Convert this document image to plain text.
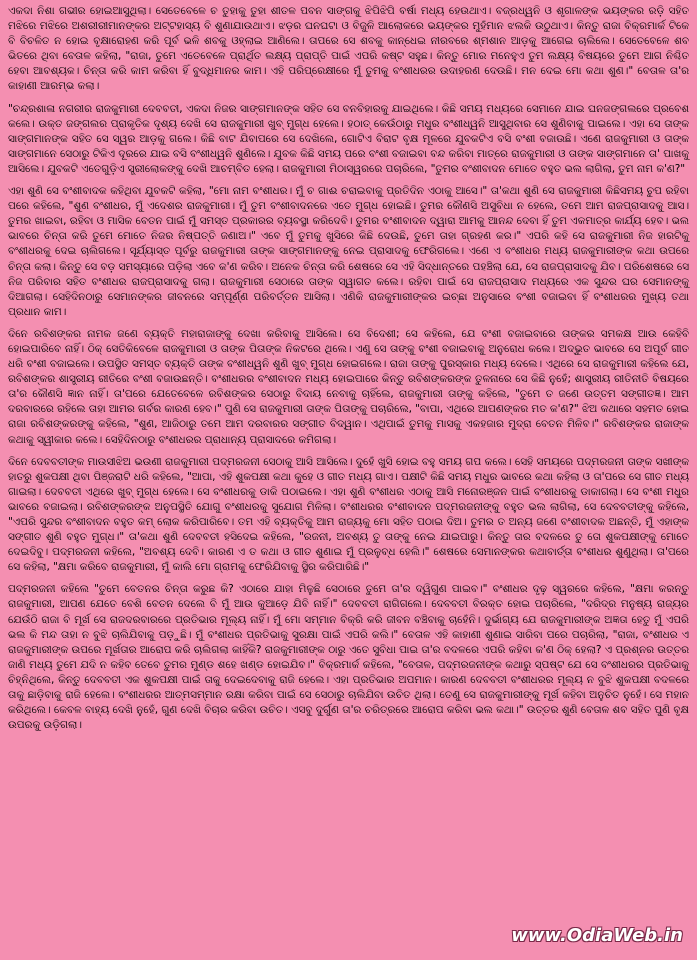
ଏକଦା ନିଶା ଗଭୀର ହୋଇଆସୁଥିଲା। ସେତେବେଳେ ଚ ତୁହାକୁ ତୁହା ଶୀତଳ ପବନ ସାଙ୍ଗକୁ ଝିପିଝିପି ବର୍ଷା ମଧ୍ୟ ହେଉଥାଏ। ବଜ୍ରଧ୍ୱନି ଓ ଶୃଗାଳଙ୍କ ଭୟଙ୍କର ରଡ଼ି ସହିତ ମଝିରେ ମଝିରେ ଅଶରୀରୀମାନଙ୍କର ଅଟ୍ଟହାସ୍ୟ ବି ଶୁଣାଯାଉଥାଏ। ଝଡ଼ର ଘନଘଟା ଓ ବିଜୁଳି ଆଲୋକରେ ଭୟଙ୍କର ମୁହଁମାନ ଝଲକି ଉଠୁଥାଏ। କିନ୍ତୁ ରାଜା ବିକ୍ରମାର୍କ ଟିକେ ବି ବିଚଳିତ ନ ହୋଇ ବୃକ୍ଷାରୋହଣ କରି ପୂର୍ବ ଭଳି ଶବକୁ ଓହ୍ଲାଇ ଆଣିଲେ। ତାପରେ ସେ ଶବକୁ କାନ୍ଧେଇ ନୀରବରେ ଶ୍ମଶାନ ଆଡ଼କୁ ଆଗେଇ ଚାଲିଲେ। ସେତେବେଳେ ଶବ ଭିତରେ ଥିବା ବେତାଳ କହିଲା, "ରାଜା, ତୁମେ ଏତେବେଳେ ପ୍ରାର୍ଥିତ ଲକ୍ଷ୍ୟ ପ୍ରାପ୍ତି ପାଇଁ ଏପରି କଷ୍ଟ ସହୁଛ। କିନ୍ତୁ ମୋର ମନେହୁଏ ତୁମ ଲକ୍ଷ୍ୟ ବିଷୟରେ ତୁମେ ଆଗ ନିଶ୍ଚିତ ହେବା ଆବଶ୍ୟକ। ଚିନ୍ତା କରି କାମ କରିବା ହିଁ ବୁଦ୍ଧିମାନର କାମ। ଏହି ପରିପ୍ରେକ୍ଷୀରେ ମୁଁ ତୁମକୁ ବଂଶୀଧରର ଉଦାହରଣ ଦେଉଛି। ମନ ଦେଇ ମୋ କଥା ଶୁଣ।" ବେତାଳ ତା'ର କାହାଣୀ ଆରମ୍ଭ କଲା।

"ଚନ୍ଦ୍ରଶାଳା ନଗରୀର ରାଜକୁମାରୀ ଦେବବତୀ, ଏକଦା ନିଜର ସାଙ୍ଗମାନଙ୍କ ସହିତ ସେ ବନବିହାରକୁ ଯାଇଥିଲେ। କିଛି ସମୟ ମଧ୍ୟରେ ସେମାନେ ଯାଇ ଘନଜଙ୍ଗଲରେ ପ୍ରବେଶ କଲେ। ଉକ୍ତ ଜଙ୍ଗଲର ପ୍ରାକୃତିକ ଦୃଶ୍ୟ ଦେଖି ସେ ରାଜକୁମାରୀ ଖୁବ୍ ମୁଗ୍ଧ ହେଲେ। ହଠାତ୍ କେଉଁଠାରୁ ମଧୁର ବଂଶୀଧ୍ୱନି ଆସୁଥିବାର ସେ ଶୁଣିବାକୁ ପାଇଲେ। ଏହା ସେ ତାଙ୍କ ସାଙ୍ଗମାନଙ୍କ ସହିତ ସେ ସ୍ୱର ଆଡ଼କୁ ଗଲେ। କିଛି ବାଟ ଯିବାପରେ ସେ ଦେଖିଲେ, ଗୋଟିଏ ବିରାଟ ବୃକ୍ଷ ମୂଳରେ ଯୁବକଟିଏ ବସି ବଂଶୀ ବଜାଉଛି। ଏଣେ ରାଜକୁମାରୀ ଓ ତାଙ୍କ ସାଙ୍ଗମାନେ ସେଠାରୁ ଟିକିଏ ଦୂରରେ ଯାଇ ବସି ବଂଶୀଧ୍ୱନି ଶୁଣିଲେ। ଯୁବକ କିଛି ସମୟ ପରେ ବଂଶୀ ବଜାଇବା ବନ୍ଦ କରିବା ମାତ୍ରେ ରାଜକୁମାରୀ ଓ ତାଙ୍କ ସାଙ୍ଗମାନେ ତା' ପାଖକୁ ଆସିଲେ। ଯୁବକଟି ଏତେଗୁଡ଼ିଏ ସ୍ତ୍ରୀଲୋକଙ୍କୁ ଦେଖି ଆଚମ୍ବିତ ହେଲା। ରାଜକୁମାରୀ ମିଠାସ୍ୱରରେ ପଚାରିଲେ, "ତୁମର ବଂଶୀବାଦନ ମୋତେ ବହୁତ ଭଲ ଲାଗିଲା, ତୁମ ନାମ କ'ଣ?"

ଏହା ଶୁଣି ସେ ବଂଶୀବାଦକ କହିଥିବା ଯୁବକଟି କହିଲା, "ମୋ ନାମ ବଂଶୀଧର। ମୁଁ ଚ ଗାଈ ଚରାଇବାକୁ ପ୍ରତିଦିନ ଏଠାକୁ ଆସେ।" ତା'କଥା ଶୁଣି ସେ ରାଜକୁମାରୀ କିଛିସମୟ ଚୁପ ରହିବା ପରେ କହିଲେ, "ଶୁଣ ବଂଶୀଧର, ମୁଁ ଏଦେଶର ରାଜକୁମାରୀ। ମୁଁ ତୁମ ବଂଶୀବାଦନରେ ଏତେ ମୁଗ୍ଧ ହୋଇଛି। ତୁମର କୌଣସି ଅସୁବିଧା ନ ହେଲେ, ତମେ ଆମ ରାଜପ୍ରାସାଦକୁ ଆସ। ତୁମର ଖାଇବା, ରହିବା ଓ ମାସିକ ବେତନ ପାଇଁ ମୁଁ ସମସ୍ତ ପ୍ରକାରର ବ୍ୟବସ୍ଥା କରିଦେବି। ତୁମର ବଂଶୀବାଦନ ଦ୍ୱାରା ଆମକୁ ଆନନ୍ଦ ଦେବା ହିଁ ତୁମ ଏକମାତ୍ର କାର୍ଯ୍ୟ ହେବ। ଭଲ ଭାବରେ ଚିନ୍ତା କରି ତୁମେ ମୋତେ ନିଜର ନିଷ୍ପତ୍ତି ଜଣାଅ।" ଏବେ ମୁଁ ତୁମକୁ ଖୁସିରେ କିଛି ଦେଉଛି, ତୁମେ ତାହା ଗ୍ରହଣ କର।" ଏପରି କହି ସେ ରାଜକୁମାରୀ ନିଜ ହାରଟିକୁ ବଂଶୀଧରକୁ ଦେଇ ଚାଲିଗଲେ। ସୂର୍ଯ୍ୟାସ୍ତ ପୂର୍ବରୁ ରାଜକୁମାରୀ ତାଙ୍କ ସାଙ୍ଗମାନଙ୍କୁ ନେଇ ପ୍ରାସାଦକୁ ଫେରିଗଲେ। ଏଣେ ଏ ବଂଶୀଧର ମଧ୍ୟ ରାଜକୁମାରୀଙ୍କ କଥା ଉପରେ ଚିନ୍ତା କଲା। କିନ୍ତୁ ସେ ବଡ଼ ସମସ୍ୟାରେ ପଡ଼ିଲା ଏବେ କ'ଣ କରିବ। ଅନେକ ଚିନ୍ତା କରି ଶେଷରେ ସେ ଏହି ସିଦ୍ଧାନ୍ତରେ ପହଞ୍ଚିଲା ଯେ, ସେ ରାଜପ୍ରାସାଦକୁ ଯିବ। ପରିଶେଷରେ ସେ ନିଜ ପରିବାର ସହିତ ବଂଶୀଧର ରାଜପ୍ରାସାଦକୁ ଗଲା। ରାଜକୁମାରୀ ସେଠାରେ ତାଙ୍କ ସ୍ୱାଗତ କଲେ। ରହିବା ପାଇଁ ସେ ରାଜପ୍ରାସାଦ ମଧ୍ୟରେ ଏକ ସୁନ୍ଦର ଘର ସେମାନଙ୍କୁ ଦିଆଗଲା। ସେହିଦିନଠାରୁ ସେମାନଙ୍କର ଜୀବନରେ ସମ୍ପୂର୍ଣ୍ଣ ପରିବର୍ତ୍ତନ ଆସିଲା। ଏଣିକି ରାଜକୁମାରୀଙ୍କର ଇଚ୍ଛା ଅନୁସାରେ ବଂଶୀ ବଜାଇବା ହିଁ ବଂଶୀଧରର ମୁଖ୍ୟ ତଥା ପ୍ରଧାନ କାମ।

ଦିନେ ରବିଶଙ୍କର ନାମକ ଜଣେ ବ୍ୟକ୍ତି ମହାରାଜାଙ୍କୁ ଦେଖା କରିବାକୁ ଆସିଲେ। ସେ ବିଦେଶୀ; ସେ କହିଲେ, ଯେ ବଂଶୀ ବଜାଇବାରେ ତାଙ୍କର ସମକକ୍ଷ ଆଉ କେହିବି ହୋଇପାରିବେ ନାହିଁ। ଠିକ୍ ସେତିକିବେଳେ ରାଜକୁମାରୀ ଓ ତାଙ୍କ ପିତାଙ୍କ ନିକଟରେ ଥିଲେ। ଏଣୁ ସେ ତାଙ୍କୁ ବଂଶୀ ବଜାଇବାକୁ ଅନୁରୋଧ କଲେ। ଅଦ୍ଭୁତ ଭାବରେ ସେ ଅପୂର୍ବ ଗୀତ ଧରି ବଂଶୀ ବଜାଇଲେ। ଉପସ୍ଥିତ ସମସ୍ତ ବ୍ୟକ୍ତି ତାଙ୍କ ବଂଶୀଧ୍ୱନି ଶୁଣି ଖୁବ୍ ମୁଗ୍ଧ ହୋଇଗଲେ। ରାଜା ତାଙ୍କୁ ପୁରସ୍କାର ମଧ୍ୟ ଦେଲେ। ଏଥିରେ ସେ ରାଜକୁମାରୀ କହିଲେ ଯେ, ରବିଶଙ୍କର ଶାସ୍ତ୍ରୀୟ ରୀତିରେ ବଂଶୀ ବଜାଉଛନ୍ତି। ବଂଶୀଧରର ବଂଶୀବାଦନ ମଧ୍ୟ ହୋଇପାରେ କିନ୍ତୁ ରବିଶଙ୍କରଙ୍କ ତୁଳନାରେ ସେ କିଛି ନୁହେଁ; ଶାସ୍ତ୍ରୀୟ ରୀତିନୀତି ବିଷୟରେ ତା'ର କୌଣସି ଜ୍ଞାନ ନାହିଁ। ତା'ପରେ ଯେତେବେଳେ ରବିଶଙ୍କର ସେଠାରୁ ବିଦାୟ ନେବାକୁ ଚାହିଁଲେ, ରାଜକୁମାରୀ ତାଙ୍କୁ କହିଲେ, "ତୁମେ ତ ଜଣେ ଉତ୍ତମ ସଙ୍ଗୀତଜ୍ଞ। ଆମ ଦରବାରରେ ରହିଲେ ତାହା ଆମର ଗର୍ବର କାରଣ ହେବ।" ପୁଣି ସେ ରାଜକୁମାରୀ ତାଙ୍କ ପିତାଙ୍କୁ ପଚାରିଲେ, "ବାପା, ଏଥିରେ ଆପଣଙ୍କର ମତ କ'ଣ?" ଝିଅ କଥାରେ ସହମତ ହୋଇ ରାଜା ରବିଶଙ୍କରଙ୍କୁ କହିଲେ, "ଶୁଣ, ଆଜିଠାରୁ ତମେ ଆମ ଦରବାରର ସଙ୍ଗୀତ ବିଦ୍ୱାନ। ଏଥିପାଇଁ ତୁମକୁ ମାସକୁ ଏକହଜାର ମୁଦ୍ରା ବେତନ ମିଳିବ।" ରବିଶଙ୍କର ରାଜାଙ୍କ କଥାକୁ ସ୍ୱୀକାର କଲେ। ସେହିଦିନଠାରୁ ବଂଶୀଧରର ପ୍ରାଧାନ୍ୟ ପ୍ରାସାଦରେ କମିଗଲା।

ଦିନେ ଦେବବତୀଙ୍କ ମାଉସୀଝିଅ ଭଉଣୀ ରାଜକୁମାରୀ ପଦ୍ମରଜନୀ ସେଠାକୁ ଆସି ଆସିଲେ। ଦୁହେଁ ଖୁସି ହୋଇ ବହୁ ସମୟ ଗପ କଲେ। ସେହି ସମୟରେ ପଦ୍ମରଜନୀ ତାଙ୍କ ସଖୀଙ୍କ ହାତରୁ ଶୁକପକ୍ଷୀ ଥିବା ପିଞ୍ଜରାଟି ଧରି କହିଲେ, "ଆପା, ଏହି ଶୁକପକ୍ଷୀ କଥା କୁହେ ଓ ଗୀତ ମଧ୍ୟ ଗାଏ। ପକ୍ଷୀଟି କିଛି ସମୟ ମଧୁର ଭାବରେ କଥା କହିଲା ଓ ତା'ପରେ ସେ ଗୀତ ମଧ୍ୟ ଗାଇଲା। ଦେବବତୀ ଏଥିରେ ଖୁବ୍ ମୁଗ୍ଧ ହେଲେ। ସେ ବଂଶୀଧରକୁ ଡାକି ପଠାଇଲେ। ଏହା ଶୁଣି ବଂଶୀଧର ଏଠାକୁ ଆସି ମନୋରଞ୍ଜନ ପାଇଁ ବଂଶୀଧରକୁ ଡାକାଗଲା। ସେ ବଂଶୀ ମଧୁର ଭାବରେ ବଜାଇଲା। ରବିଶଙ୍କରଙ୍କ ଅନୁପସ୍ଥିତି ଯୋଗୁ ବଂଶୀଧରକୁ ସୁଯୋଗ ମିଳିଲା। ବଂଶୀଧରର ବଂଶୀବାଦନ ପଦ୍ମରଜନୀଙ୍କୁ ବହୁତ ଭଲ ଲାଗିଲା, ସେ ଦେବବତୀଙ୍କୁ କହିଲେ, "ଏପରି ସୁନ୍ଦର ବଂଶୀବାଦନ ବହୁତ କମ୍ ଲୋକ କରିପାରିବେ। ତମ ଏହି ବ୍ୟକ୍ତିକୁ ଆମ ରାଜ୍ୟକୁ ମୋ ସହିତ ପଠାଇ ଦିଅ। ତୁମର ତ ଅନ୍ୟ ଜଣେ ବଂଶୀବାଦକ ଅଛନ୍ତି, ମୁଁ ଏହାଙ୍କ ସଙ୍ଗୀତ ଶୁଣି ବହୁତ ମୁଗ୍ଧ।" ତା'କଥା ଶୁଣି ଦେବବତୀ ହସିଦେଇ କହିଲେ, "ରଜନୀ, ଅବଶ୍ୟ ତୁ ତାଙ୍କୁ ନେଇ ଯାଇପାରୁ। କିନ୍ତୁ ତାର ବଦଳରେ ତୁ ତୋ ଶୁକପକ୍ଷୀଙ୍କୁ ମୋତେ ଦେଇଦିବୁ। ପଦ୍ମରଜନୀ କହିଲେ, "ଅବଶ୍ୟ ଦେବି। କାରଣ ଏ ତ କଥା ଓ ଗୀତ ଶୁଣାଇ ମୁଁ ପ୍ରଳୁବ୍ଧ ହେଲି।" ଶେଷରେ ସେମାନଙ୍କର କଥାବାର୍ତ୍ତା ବଂଶୀଧର ଶୁଣୁଥିଲା। ତା'ପରେ ସେ କହିଲା, "କ୍ଷମା କରିବେ ରାଜକୁମାରୀ, ମୁଁ କାଲି ମୋ ଗ୍ରାମକୁ ଫେରିଯିବାକୁ ସ୍ଥିର କରିପାରିଛି।"

ପଦ୍ମରଜନୀ କହିଲେ "ତୁମେ ବେତନର ଚିନ୍ତା କରୁଛ କି? ଏଠାରେ ଯାହା ମିଳୁଛି ସେଠାରେ ତୁମେ ତା'ର ଦ୍ୱିଗୁଣ ପାଇବ।" ବଂଶୀଧର ଦୃଢ଼ ସ୍ୱରରେ କହିଲେ, "କ୍ଷମା କରନ୍ତୁ ରାଜକୁମାରୀ, ଆପଣ ଯେତେ ବେଶି ବେତନ ଦେଲେ ବି ମୁଁ ଆଉ କୁଆଡ଼େ ଯିବି ନାହିଁ।" ଦେବବତୀ ରାଗିଗଲେ। ଦେବବତୀ ବିରକ୍ତ ହୋଇ ପଚାରିଲେ, "ଦରିଦ୍ର ମନୁଷ୍ୟ ରାଜ୍ୟର ଯେଉଁଠି ରାଜା ବି ମୂର୍ଖ ସେ ରାଜଦରବାରରେ ପ୍ରତିଭାର ମୂଲ୍ୟ ନାହିଁ। ମୁଁ ମୋ ସମ୍ମାନ ବିକ୍ରି କରି ଜୀବନ ବଞ୍ଚିବାକୁ ଚାହେଁନି। ଦୁର୍ଭାଗ୍ୟ ଯେ ରାଜକୁମାରୀଙ୍କ ଅଜ୍ଞତା ହେତୁ ମୁଁ ଏପରି ଭଲ କି ମନ୍ଦ ତାହା ନ ବୁଝି ଚାଲିଯିବାକୁ ପଡ଼ୁଛି। ମୁଁ ବଂଶୀଧର ପ୍ରତିଭାକୁ ସୁରକ୍ଷା ପାଇଁ ଏପରି କଲି।" ବେତାଳ ଏହି କାହାଣୀ ଶୁଣାଇ ସାରିବା ପରେ ପଚାରିଲା, "ରାଜା, ବଂଶୀଧର ଏ ରାଜକୁମାରୀଙ୍କ ଉପରେ ମୂର୍ଖତାର ଆରୋପ କରି ଚାଲିଗଲା କାହିଁକି? ରାଜକୁମାରୀଙ୍କ ଠାରୁ ଏତେ ସୁବିଧା ପାଇ ତା'ର ବଦଳରେ ଏପରି କହିବା କ'ଣ ଠିକ୍ ହେଲା? ଏ ପ୍ରଶ୍ନର ଉତ୍ତର ଜାଣି ମଧ୍ୟ ତୁମେ ଯଦି ନ କହିବ ତେବେ ତୁମର ମୁଣ୍ଡ ଶହେ ଖଣ୍ଡ ହୋଇଯିବ।" ବିକ୍ରମାର୍କ କହିଲେ, "ବେତାଳ, ପଦ୍ମରଜନୀଙ୍କ କଥାରୁ ସ୍ପଷ୍ଟ ଯେ ସେ ବଂଶୀଧରର ପ୍ରତିଭାକୁ ଚିହ୍ନିଥିଲେ, କିନ୍ତୁ ଦେବବତୀ ଏକ ଶୁକପକ୍ଷୀ ପାଇଁ ତାକୁ ଦେଇଦେବାକୁ ରାଜି ହେଲେ। ଏହା ପ୍ରତିଭାର ଅପମାନ। କାରଣ ଦେବବତୀ ବଂଶୀଧରର ମୂଲ୍ୟ ନ ବୁଝି ଶୁକପକ୍ଷୀ ବଦଳରେ ତାକୁ ଛାଡ଼ିବାକୁ ରାଜି ହେଲେ। ବଂଶୀଧରର ଆତ୍ମସମ୍ମାନ ରକ୍ଷା କରିବା ପାଇଁ ସେ ସେଠାରୁ ଚାଲିଯିବା ଉଚିତ ଥିଲା। ତେଣୁ ସେ ରାଜକୁମାରୀଙ୍କୁ ମୂର୍ଖ କହିବା ଅନୁଚିତ ନୁହେଁ। ସେ ମହାନ କରିଥିଲେ। କେବଳ ବାହ୍ୟ ଦେଖି ନୁହେଁ, ଗୁଣ ଦେଖି ବିଚାର କରିବା ଉଚିତ। ଏସବୁ ଦୁର୍ଗୁଣ ତା'ର ଚରିତ୍ରରେ ଆରୋପ କରିବା ଭଲ କଥା।" ଉତ୍ତର ଶୁଣି ବେତାଳ ଶବ ସହିତ ପୁଣି ବୃକ୍ଷ ଉପରକୁ ଉଡ଼ିଗଲା।

www.OdiaWeb.in
